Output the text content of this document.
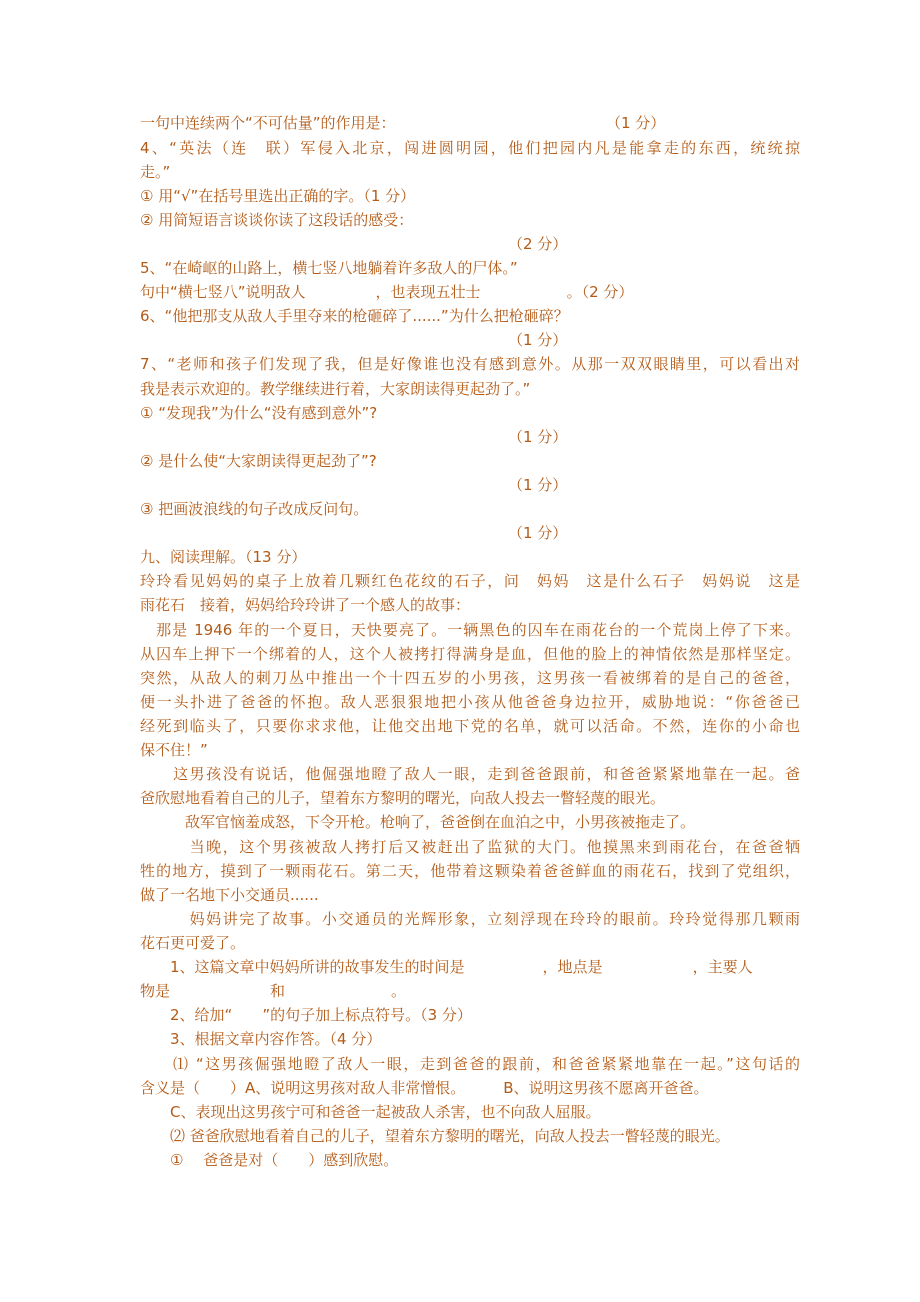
一句中连续两个“不可估量”的作用是：	（1 分）
4、“英法（连　联）军侵入北京，闯进圆明园，他们把园内凡是能拿走的东西，统统掠
走。”
① 用“√”在括号里选出正确的字。（1 分）
② 用简短语言谈谈你读了这段话的感受：
（2 分）
5、“在崎岖的山路上，横七竖八地躺着许多敌人的尸体。”
句中“横七竖八”说明敌人	，也表现五壮士	。（2 分）
6、“他把那支从敌人手里夺来的枪砸碎了......”为什么把枪砸碎？
（1 分）
7、“老师和孩子们发现了我，但是好像谁也没有感到意外。从那一双双眼睛里，可以看出对
我是表示欢迎的。教学继续进行着，大家朗读得更起劲了。”
① “发现我”为什么“没有感到意外”?
（1 分）
② 是什么使“大家朗读得更起劲了”?
（1 分）
③ 把画波浪线的句子改成反问句。
（1 分）
九、阅读理解。（13 分）
玲玲看见妈妈的桌子上放着几颗红色花纹的石子，问　妈妈　这是什么石子　妈妈说　这是
雨花石　接着，妈妈给玲玲讲了一个感人的故事：
　那是 1946 年的一个夏日，天快要亮了。一辆黑色的囚车在雨花台的一个荒岗上停了下来。
从囚车上押下一个绑着的人，这个人被拷打得满身是血，但他的脸上的神情依然是那样坚定。
突然，从敌人的刺刀丛中推出一个十四五岁的小男孩，这男孩一看被绑着的是自己的爸爸，
便一头扑进了爸爸的怀抱。敌人恶狠狠地把小孩从他爸爸身边拉开，威胁地说：“你爸爸已
经死到临头了，只要你求求他，让他交出地下党的名单，就可以活命。不然，连你的小命也
保不住！”
　　这男孩没有说话，他倔强地瞪了敌人一眼，走到爸爸跟前，和爸爸紧紧地靠在一起。爸
爸欣慰地看着自己的儿子，望着东方黎明的曙光，向敌人投去一瞥轻蔑的眼光。
　　　敌军官恼羞成怒，下令开枪。枪响了，爸爸倒在血泊之中，小男孩被拖走了。
　　　当晚，这个男孩被敌人拷打后又被赶出了监狱的大门。他摸黑来到雨花台，在爸爸牺
牲的地方，摸到了一颗雨花石。第二天，他带着这颗染着爸爸鲜血的雨花石，找到了党组织，
做了一名地下小交通员......
　　　妈妈讲完了故事。小交通员的光辉形象，立刻浮现在玲玲的眼前。玲玲觉得那几颗雨
花石更可爱了。
　　1、这篇文章中妈妈所讲的故事发生的时间是	，地点是	，主要人
物是	和	。
　　2、给加“　　”的句子加上标点符号。（3 分）
　　3、根据文章内容作答。（4 分）
　　⑴ “这男孩倔强地瞪了敌人一眼，走到爸爸的跟前，和爸爸紧紧地靠在一起。”这句话的
含义是（　　）A、说明这男孩对敌人非常憎恨。	B、说明这男孩不愿离开爸爸。
　　C、表现出这男孩宁可和爸爸一起被敌人杀害，也不向敌人屈服。
　　⑵ 爸爸欣慰地看着自己的儿子，望着东方黎明的曙光，向敌人投去一瞥轻蔑的眼光。
　　①　 爸爸是对（　　）感到欣慰。
